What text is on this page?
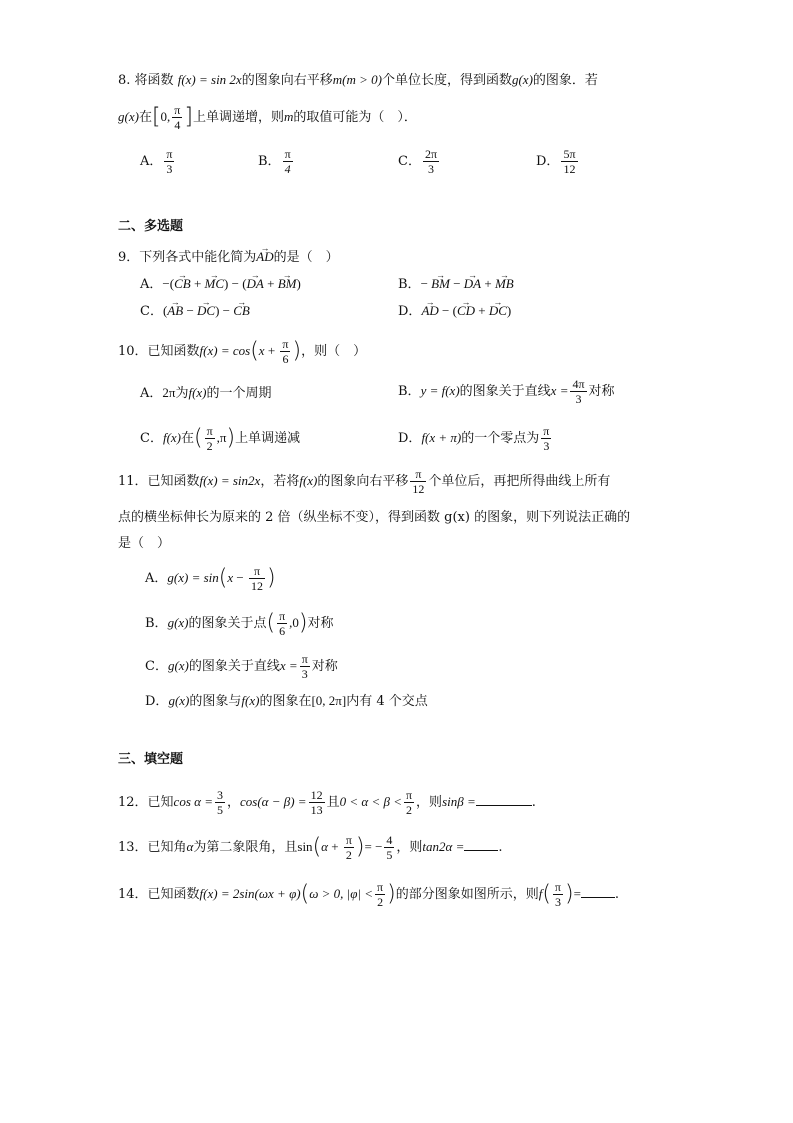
8. 将函数 f(x) = sin 2x的图象向右平移m(m > 0)个单位长度，得到函数g(x)的图象．若
g(x)在[0, $\frac{\pi}{4}$ ]上单调递增，则m的取值可能为（　）．
A． $\frac{\pi}{3}$	B． $\frac{\pi}{4}$	C． $\frac{2\pi}{3}$	D． $\frac{5\pi}{12}$
二、多选题
9．下列各式中能化简为→ AD的是（　）
A．−(→ CB + → MC) − (→ DA + → BM)	B．− → BM − → DA + → MB
C．(→ AB − → DC) − → CB	D．→ AD − (→ CD + → DC)
10．已知函数$f(x) = \cos(x + \frac{\pi}{6}$ )，则（　）
A．2π为f(x)的一个周期	B．y = f(x)的图象关于直线$x = \frac{4\pi}{3}$ 对称
C．f(x)在( $\frac{\pi}{2} ,\pi$)上单调递减	D．f(x + π)的一个零点为 $\frac{\pi}{3}$
11．已知函数f(x) = sin2x，若将f(x)的图象向右平移 $\frac{\pi}{12}$ 个单位后，再把所得曲线上所有
点的横坐标伸长为原来的 2 倍（纵坐标不变），得到函数 g(x) 的图象，则下列说法正确的
是（　）
A．$g(x) = \sin(x - \frac{\pi}{12}$ )
B．g(x)的图象关于点( $\frac{\pi}{6} ,0$)对称
C．g(x)的图象关于直线$x = \frac{\pi}{3}$ 对称
D．g(x)的图象与f(x)的图象在[0, 2π]内有 4 个交点
三、填空题
12．已知$\cos \alpha = \frac{3}{5}$ ，$\cos(\alpha - \beta) = \frac{12}{13}$ 且$0 < \alpha < \beta < \frac{\pi}{2}$ ，则sinβ =	.
13．已知角α为第二象限角，且$\sin(\alpha + \frac{\pi}{2}$ )= − $\frac{4}{5}$ ，则tan2α =	.
14．已知函数f(x) = 2sin(ωx + φ)(ω > 0, $|\varphi| < \frac{\pi}{2}$ )的部分图象如图所示，则$f( \frac{\pi}{3}$ )=	.
